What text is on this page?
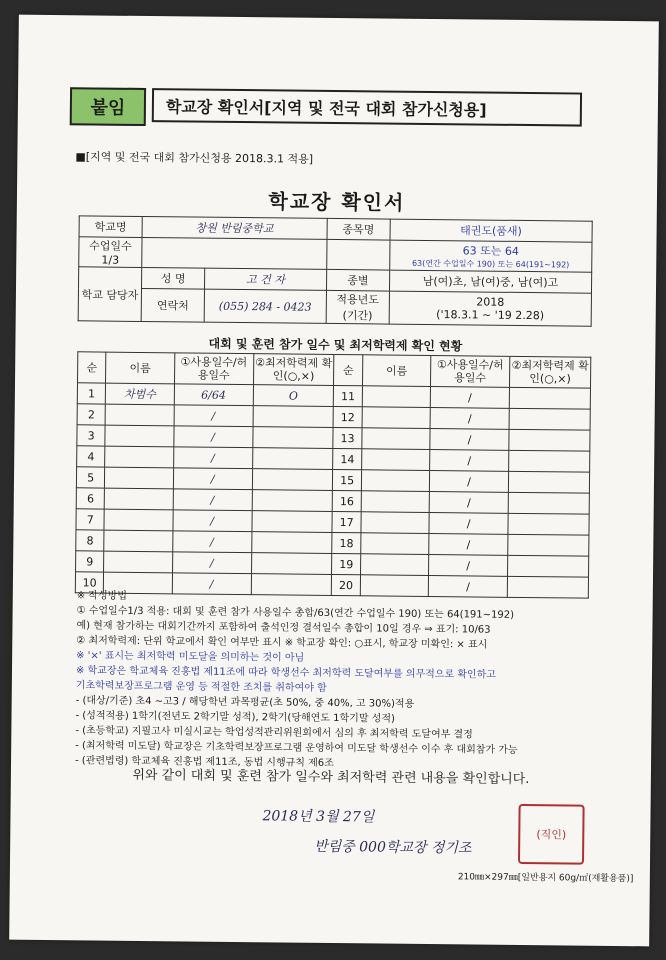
붙임	학교장 확인서[지역 및 전국 대회 참가신청용]
■[지역 및 전국 대회 참가신청용 2018.3.1 적용]
학교장 확인서
학교명	창원 반림중학교		종목명	태권도(품새)
수업일수 1/3				63 또는 64
63(연간 수업일수 190) 또는 64(191~192)

학교 담당자	성 명	고 건 자	종별	남(여)초, 남(여)중, 남(여)고
	연락처	(055) 284 - 0423	적용년도 (기간)	2018
('18.3.1 ~ '19 2.28)
대회 및 훈련 참가 일수 및 최저학력제 확인 현황
순	이름	①사용일수/허용일수	②최저학력제 확인(○,×)	순	이름	①사용일수/허용일수	②최저학력제 확인(○,×)
1	차범수	6/64	O	11		/	
2		/		12		/	
3		/		13		/	
4		/		14		/	
5		/		15		/	
6		/		16		/	
7		/		17		/	
8		/		18		/	
9		/		19		/	
10		/		20		/	
※ 작성방법
① 수업일수1/3 적용: 대회 및 훈련 참가 사용일수 총합/63(연간 수업일수 190) 또는 64(191~192)
예) 현재 참가하는 대회기간까지 포함하여 출석인정 결석일수 총합이 10일 경우 ⇒ 표기: 10/63
② 최저학력제: 단위 학교에서 확인 여부만 표시 ※ 학교장 확인: ○표시, 학교장 미확인: × 표시
※ '×' 표시는 최저학력 미도달을 의미하는 것이 아님
※ 학교장은 학교체육 진흥법 제11조에 따라 학생선수 최저학력 도달여부를 의무적으로 확인하고
기초학력보장프로그램 운영 등 적절한 조치를 취하여야 함
- (대상/기준) 초4 ~고3 / 해당학년 과목평균(초 50%, 중 40%, 고 30%)적용
- (성적적용) 1학기(전년도 2학기말 성적), 2학기(당해연도 1학기말 성적)
- (초등학교) 지필고사 미실시교는 학업성적관리위원회에서 심의 후 최저학력 도달여부 결정
- (최저학력 미도달) 학교장은 기초학력보장프로그램 운영하여 미도달 학생선수 이수 후 대회참가 가능
- (관련법령) 학교체육 진흥법 제11조, 동법 시행규칙 제6조
위와 같이 대회 및 훈련 참가 일수와 최저학력 관련 내용을 확인합니다.
2018년 3월 27일
반림중 000학교장 정기조
(직인)
210㎜×297㎜[일반용지 60g/㎡(재활용품)]
